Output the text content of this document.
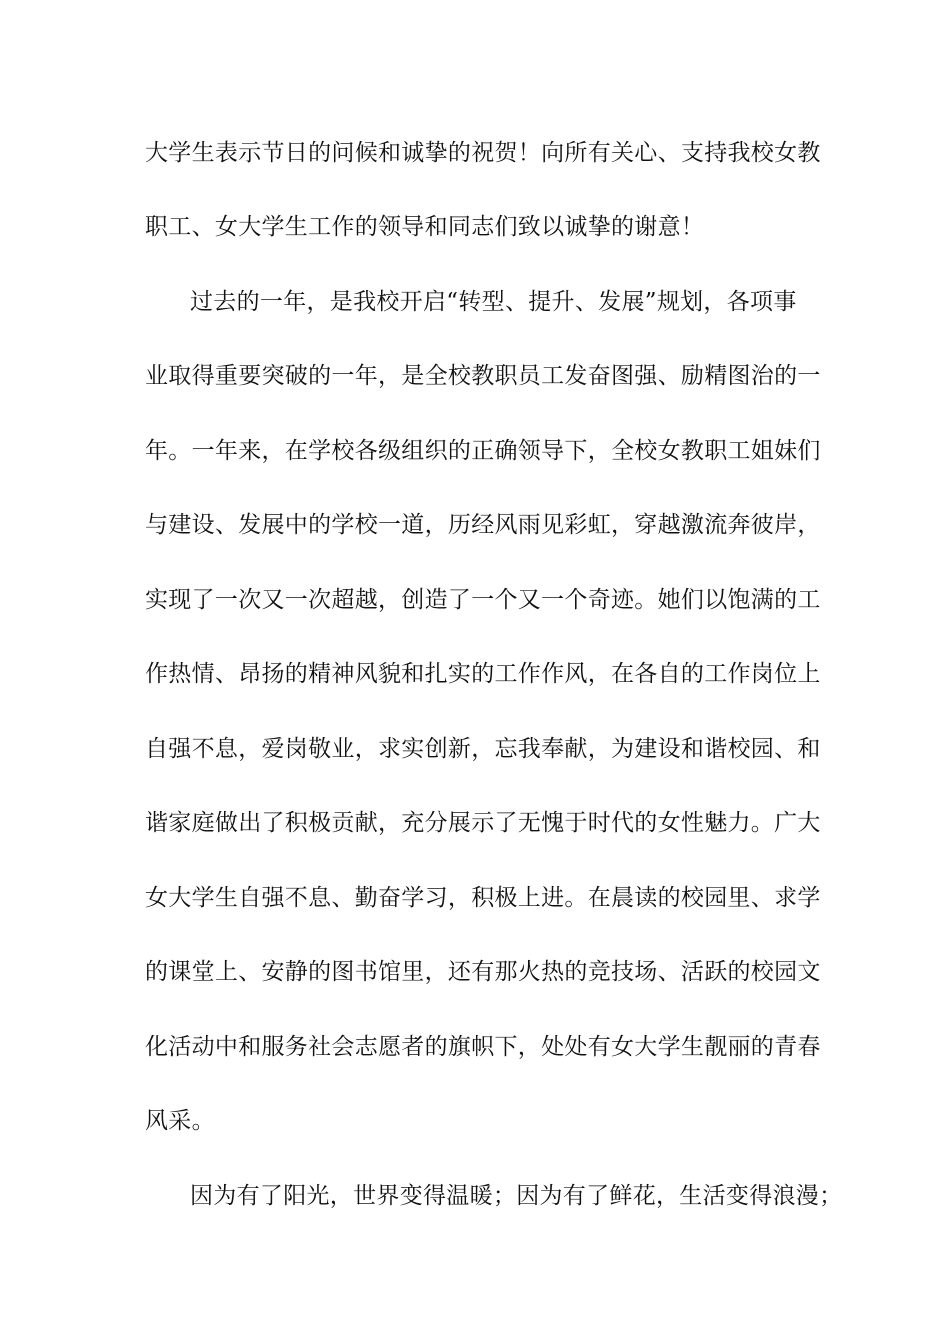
大学生表示节日的问候和诚挚的祝贺！向所有关心、支持我校女教
职工、女大学生工作的领导和同志们致以诚挚的谢意！
过去的一年，是我校开启“转型、提升、发展”规划，各项事
业取得重要突破的一年，是全校教职员工发奋图强、励精图治的一
年。一年来，在学校各级组织的正确领导下，全校女教职工姐妹们
与建设、发展中的学校一道，历经风雨见彩虹，穿越激流奔彼岸，
实现了一次又一次超越，创造了一个又一个奇迹。她们以饱满的工
作热情、昂扬的精神风貌和扎实的工作作风，在各自的工作岗位上
自强不息，爱岗敬业，求实创新，忘我奉献，为建设和谐校园、和
谐家庭做出了积极贡献，充分展示了无愧于时代的女性魅力。广大
女大学生自强不息、勤奋学习，积极上进。在晨读的校园里、求学
的课堂上、安静的图书馆里，还有那火热的竞技场、活跃的校园文
化活动中和服务社会志愿者的旗帜下，处处有女大学生靓丽的青春
风采。
因为有了阳光，世界变得温暖；因为有了鲜花，生活变得浪漫；
